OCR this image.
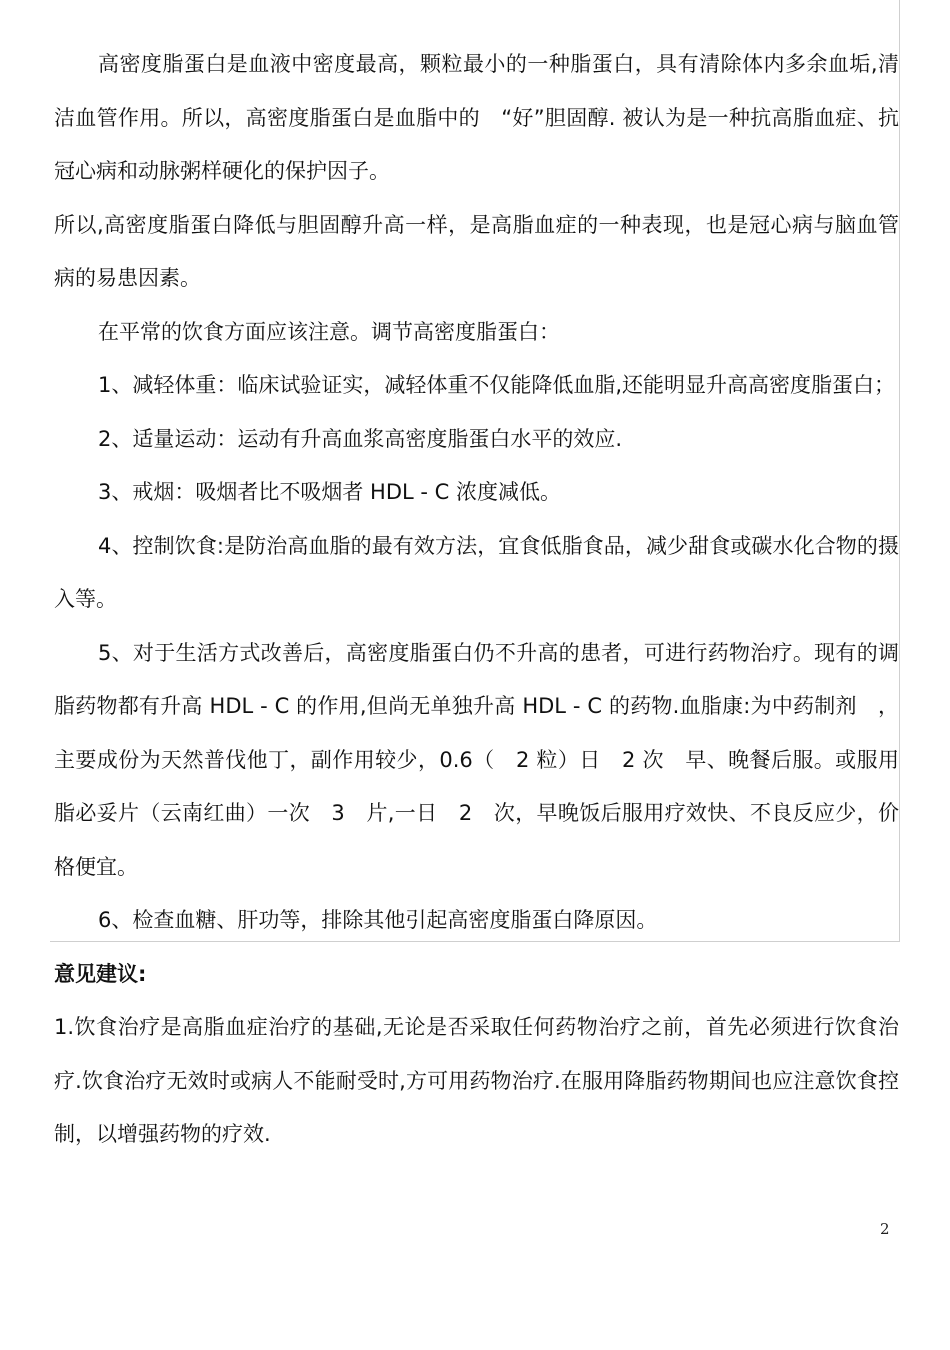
高密度脂蛋白是血液中密度最高，颗粒最小的一种脂蛋白，具有清除体内多余血垢,清洁血管作用。所以，高密度脂蛋白是血脂中的　“好”胆固醇. 被认为是一种抗高脂血症、抗冠心病和动脉粥样硬化的保护因子。

所以,高密度脂蛋白降低与胆固醇升高一样，是高脂血症的一种表现，也是冠心病与脑血管病的易患因素。

在平常的饮食方面应该注意。调节高密度脂蛋白：

1、减轻体重：临床试验证实，减轻体重不仅能降低血脂,还能明显升高高密度脂蛋白；

2、适量运动：运动有升高血浆高密度脂蛋白水平的效应.

3、戒烟：吸烟者比不吸烟者 HDL - C 浓度减低。

4、控制饮食:是防治高血脂的最有效方法，宜食低脂食品，减少甜食或碳水化合物的摄入等。

5、对于生活方式改善后，高密度脂蛋白仍不升高的患者，可进行药物治疗。现有的调脂药物都有升高 HDL - C 的作用,但尚无单独升高 HDL - C 的药物.血脂康:为中药制剂　，主要成份为天然普伐他丁，副作用较少，0.6（　2 粒）日　2 次　早、晚餐后服。或服用脂必妥片（云南红曲）一次　3　片,一日　2　次，早晚饭后服用疗效快、不良反应少，价格便宜。

6、检查血糖、肝功等，排除其他引起高密度脂蛋白降原因。

意见建议:

1.饮食治疗是高脂血症治疗的基础,无论是否采取任何药物治疗之前，首先必须进行饮食治疗.饮食治疗无效时或病人不能耐受时,方可用药物治疗.在服用降脂药物期间也应注意饮食控制，以增强药物的疗效.

2
